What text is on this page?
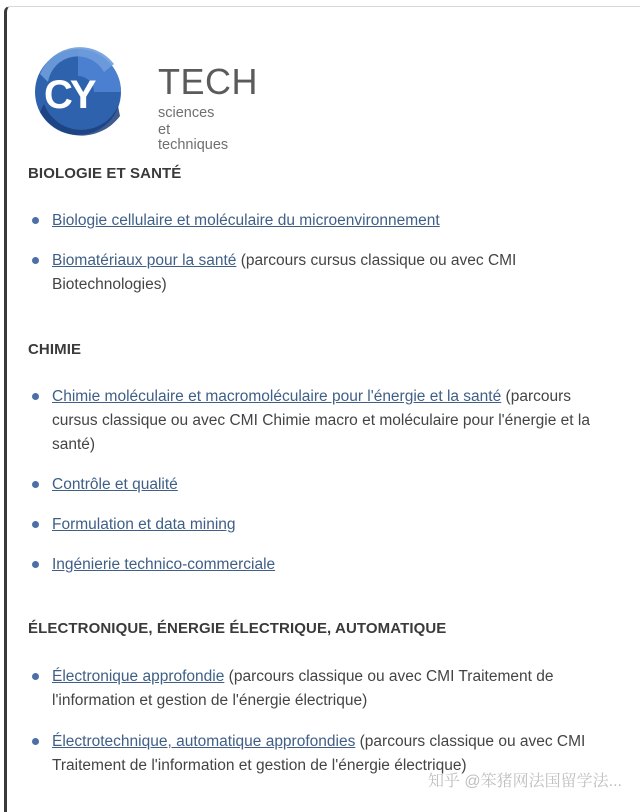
CY TECH
sciences
et techniques
BIOLOGIE ET SANTÉ
Biologie cellulaire et moléculaire du microenvironnement
Biomatériaux pour la santé (parcours cursus classique ou avec CMI Biotechnologies)
CHIMIE
Chimie moléculaire et macromoléculaire pour l'énergie et la santé (parcours cursus classique ou avec CMI Chimie macro et moléculaire pour l'énergie et la santé)
Contrôle et qualité
Formulation et data mining
Ingénierie technico-commerciale
ÉLECTRONIQUE, ÉNERGIE ÉLECTRIQUE, AUTOMATIQUE
Électronique approfondie (parcours classique ou avec CMI Traitement de l'information et gestion de l'énergie électrique)
Électrotechnique, automatique approfondies (parcours classique ou avec CMI Traitement de l'information et gestion de l'énergie électrique)
知乎 @笨猪网法国留学法...
